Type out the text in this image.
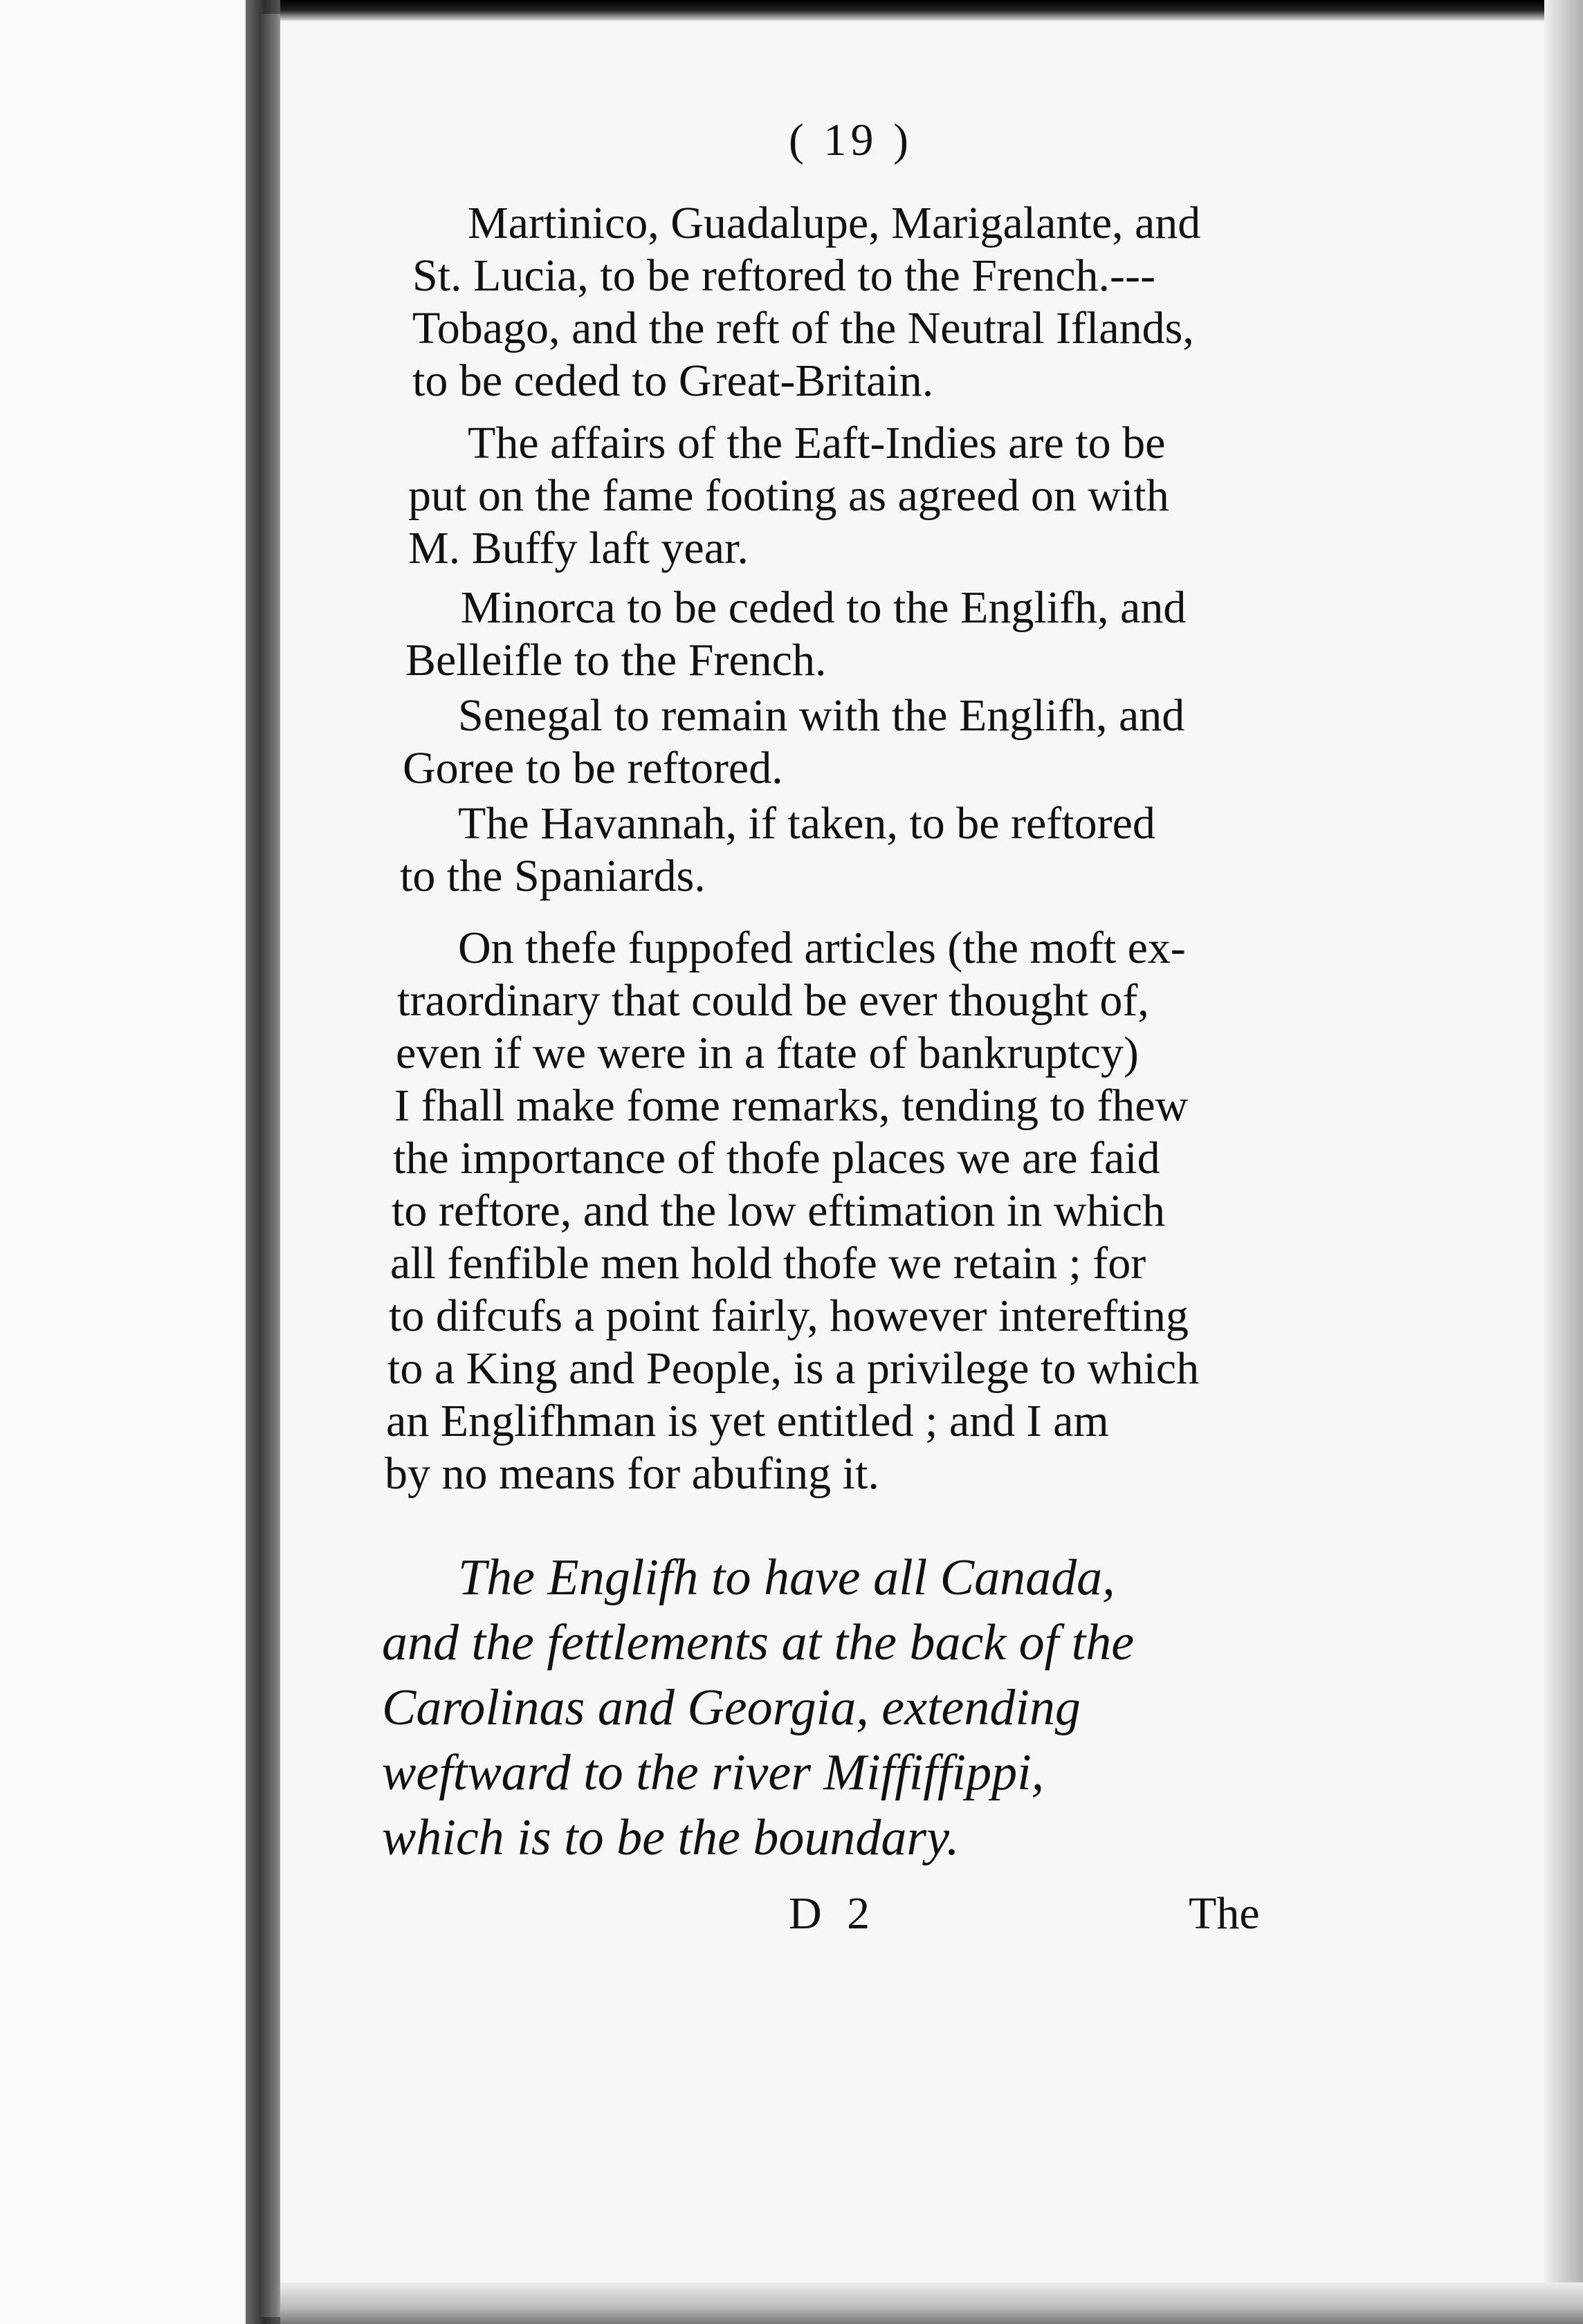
( 19 )
Martinico, Guadalupe, Marigalante, and
St. Lucia, to be reftored to the French.---
Tobago, and the reft of the Neutral Iflands,
to be ceded to Great-Britain.
The affairs of the Eaft-Indies are to be
put on the fame footing as agreed on with
M. Buffy laft year.
Minorca to be ceded to the Englifh, and
Belleifle to the French.
Senegal to remain with the Englifh, and
Goree to be reftored.
The Havannah, if taken, to be reftored
to the Spaniards.
On thefe fuppofed articles (the moft ex-
traordinary that could be ever thought of,
even if we were in a ftate of bankruptcy)
I fhall make fome remarks, tending to fhew
the importance of thofe places we are faid
to reftore, and the low eftimation in which
all fenfible men hold thofe we retain ; for
to difcufs a point fairly, however interefting
to a King and People, is a privilege to which
an Englifhman is yet entitled ; and I am
by no means for abufing it.
The Englifh to have all Canada,
and the fettlements at the back of the
Carolinas and Georgia, extending
weftward to the river Miffiffippi,
which is to be the boundary.
D 2	The
